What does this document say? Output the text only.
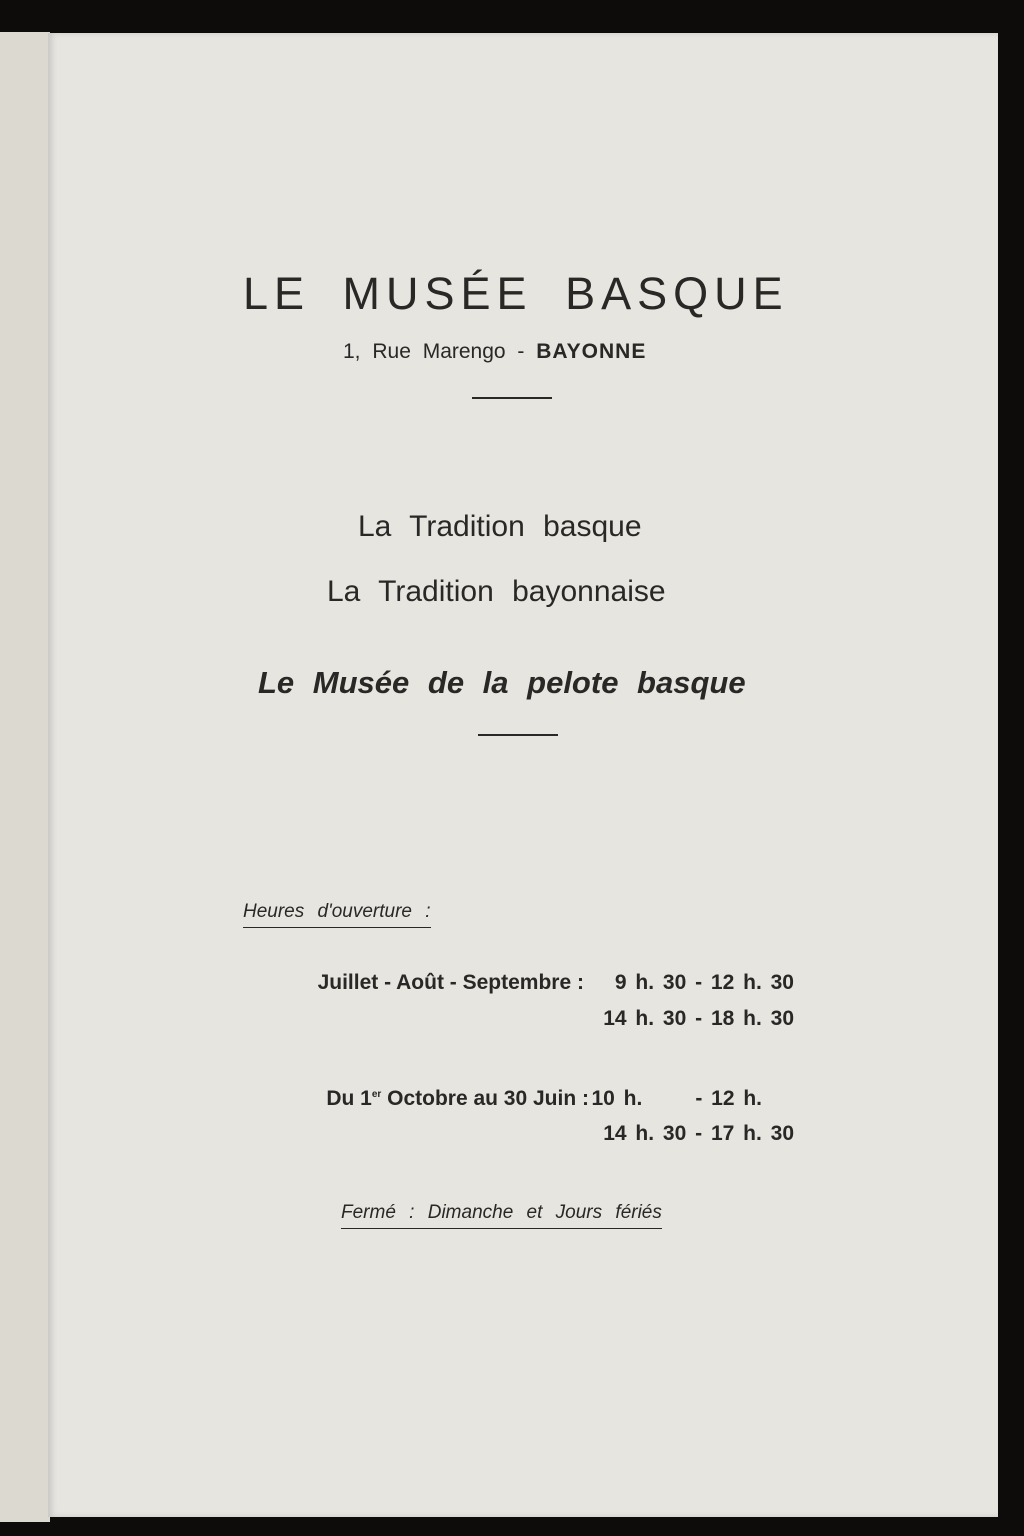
LE MUSÉE BASQUE
1, Rue Marengo - BAYONNE
La Tradition basque
La Tradition bayonnaise
Le Musée de la pelote basque
Heures d'ouverture :
Juillet - Août - Septembre : 9 h. 30 - 12 h. 30
14 h. 30 - 18 h. 30
Du 1er Octobre au 30 Juin : 10 h.      - 12 h.
14 h. 30 - 17 h. 30
Fermé : Dimanche et Jours fériés
